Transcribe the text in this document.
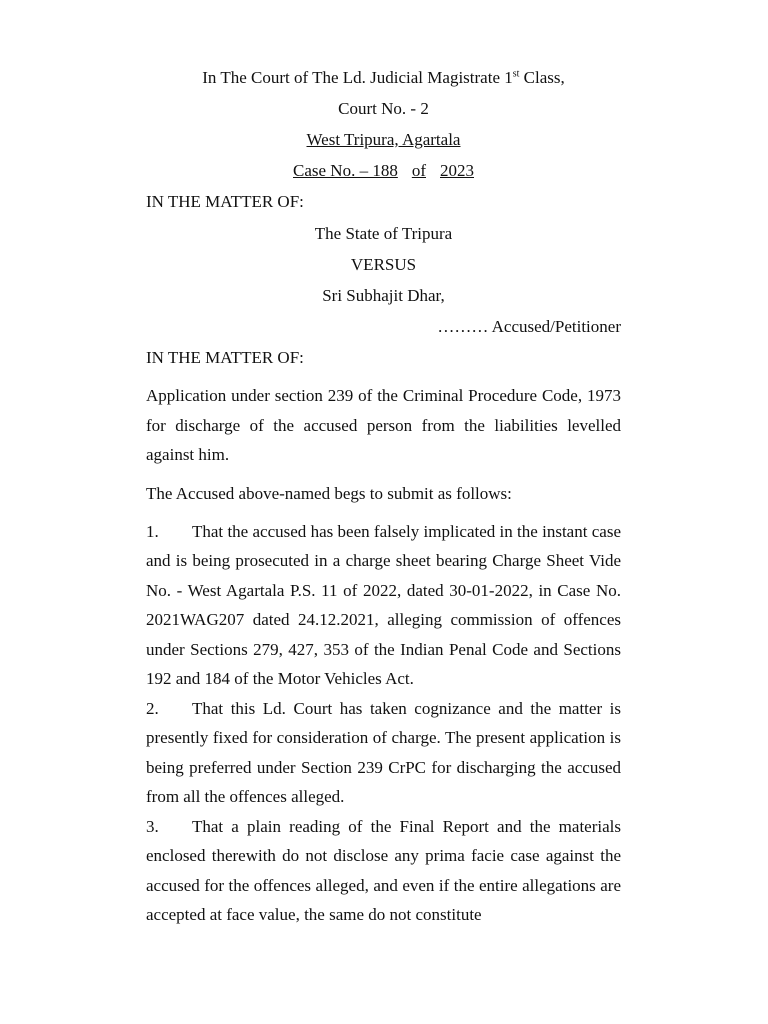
In The Court of The Ld. Judicial Magistrate 1st Class,
Court No. - 2
West Tripura, Agartala
Case No. – 188 of 2023
IN THE MATTER OF:
The State of Tripura
VERSUS
Sri Subhajit Dhar,
……… Accused/Petitioner
IN THE MATTER OF:
Application under section 239 of the Criminal Procedure Code, 1973 for discharge of the accused person from the liabilities levelled against him.
The Accused above-named begs to submit as follows:
1. That the accused has been falsely implicated in the instant case and is being prosecuted in a charge sheet bearing Charge Sheet Vide No. - West Agartala P.S. 11 of 2022, dated 30-01-2022, in Case No. 2021WAG207 dated 24.12.2021, alleging commission of offences under Sections 279, 427, 353 of the Indian Penal Code and Sections 192 and 184 of the Motor Vehicles Act.
2. That this Ld. Court has taken cognizance and the matter is presently fixed for consideration of charge. The present application is being preferred under Section 239 CrPC for discharging the accused from all the offences alleged.
3. That a plain reading of the Final Report and the materials enclosed therewith do not disclose any prima facie case against the accused for the offences alleged, and even if the entire allegations are accepted at face value, the same do not constitute
